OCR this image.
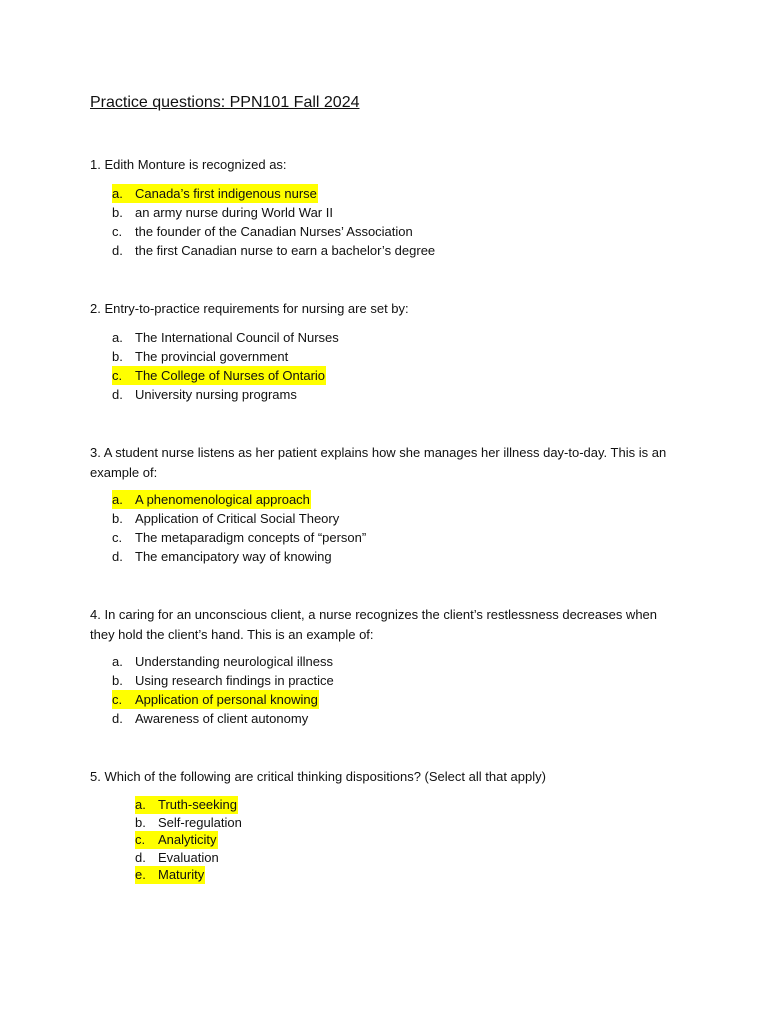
Practice questions: PPN101 Fall 2024
1. Edith Monture is recognized as:
a. Canada’s first indigenous nurse
b. an army nurse during World War II
c. the founder of the Canadian Nurses’ Association
d. the first Canadian nurse to earn a bachelor’s degree
2. Entry-to-practice requirements for nursing are set by:
a. The International Council of Nurses
b. The provincial government
c. The College of Nurses of Ontario
d. University nursing programs
3. A student nurse listens as her patient explains how she manages her illness day-to-day. This is an example of:
a. A phenomenological approach
b. Application of Critical Social Theory
c. The metaparadigm concepts of “person”
d. The emancipatory way of knowing
4. In caring for an unconscious client, a nurse recognizes the client’s restlessness decreases when they hold the client’s hand. This is an example of:
a. Understanding neurological illness
b. Using research findings in practice
c. Application of personal knowing
d. Awareness of client autonomy
5. Which of the following are critical thinking dispositions? (Select all that apply)
a. Truth-seeking
b. Self-regulation
c. Analyticity
d. Evaluation
e. Maturity
